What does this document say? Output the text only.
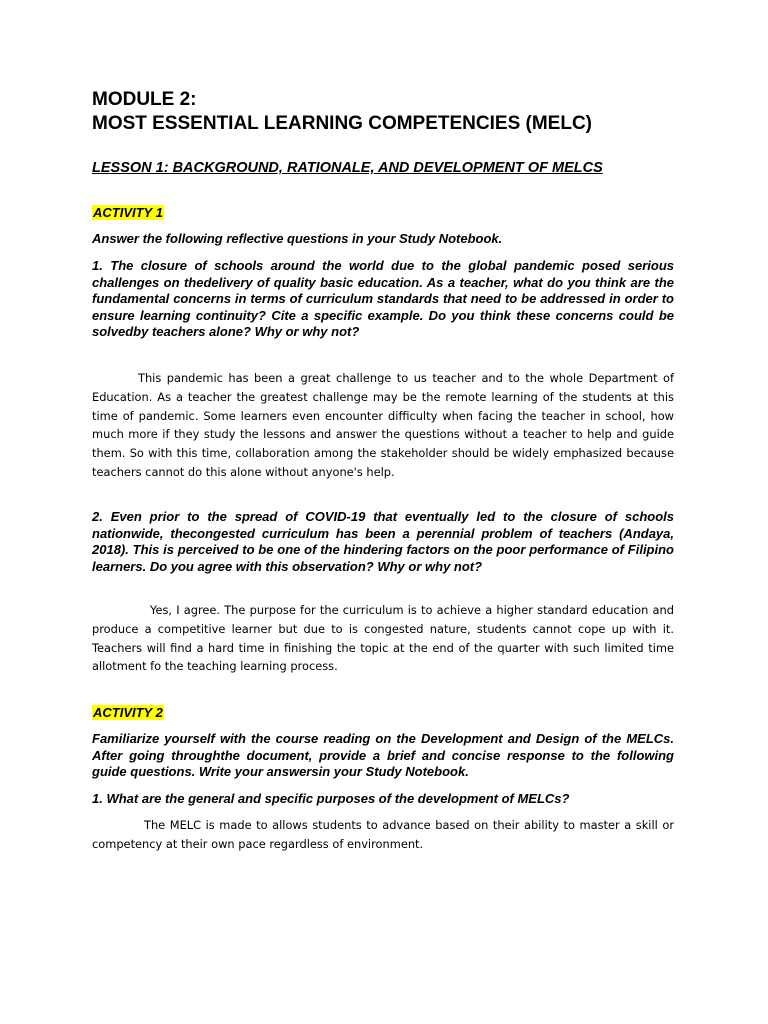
MODULE 2:
MOST ESSENTIAL LEARNING COMPETENCIES (MELC)
LESSON 1: BACKGROUND, RATIONALE, AND DEVELOPMENT OF MELCS

ACTIVITY 1

Answer the following reflective questions in your Study Notebook.

1. The closure of schools around the world due to the global pandemic posed serious challenges on thedelivery of quality basic education. As a teacher, what do you think are the fundamental concerns in terms of curriculum standards that need to be addressed in order to ensure learning continuity? Cite a specific example. Do you think these concerns could be solvedby teachers alone? Why or why not?

This pandemic has been a great challenge to us teacher and to the whole Department of Education. As a teacher the greatest challenge may be the remote learning of the students at this time of pandemic. Some learners even encounter difficulty when facing the teacher in school, how much more if they study the lessons and answer the questions without a teacher to help and guide them. So with this time, collaboration among the stakeholder should be widely emphasized because teachers cannot do this alone without anyone's help.

2. Even prior to the spread of COVID-19 that eventually led to the closure of schools nationwide, thecongested curriculum has been a perennial problem of teachers (Andaya, 2018). This is perceived to be one of the hindering factors on the poor performance of Filipino learners. Do you agree with this observation? Why or why not?

Yes, I agree. The purpose for the curriculum is to achieve a higher standard education and produce a competitive learner but due to is congested nature, students cannot cope up with it. Teachers will find a hard time in finishing the topic at the end of the quarter with such limited time allotment fo the teaching learning process.

ACTIVITY 2

Familiarize yourself with the course reading on the Development and Design of the MELCs. After going throughthe document, provide a brief and concise response to the following guide questions. Write your answersin your Study Notebook.

1. What are the general and specific purposes of the development of MELCs?

The MELC is made to allows students to advance based on their ability to master a skill or competency at their own pace regardless of environment.
